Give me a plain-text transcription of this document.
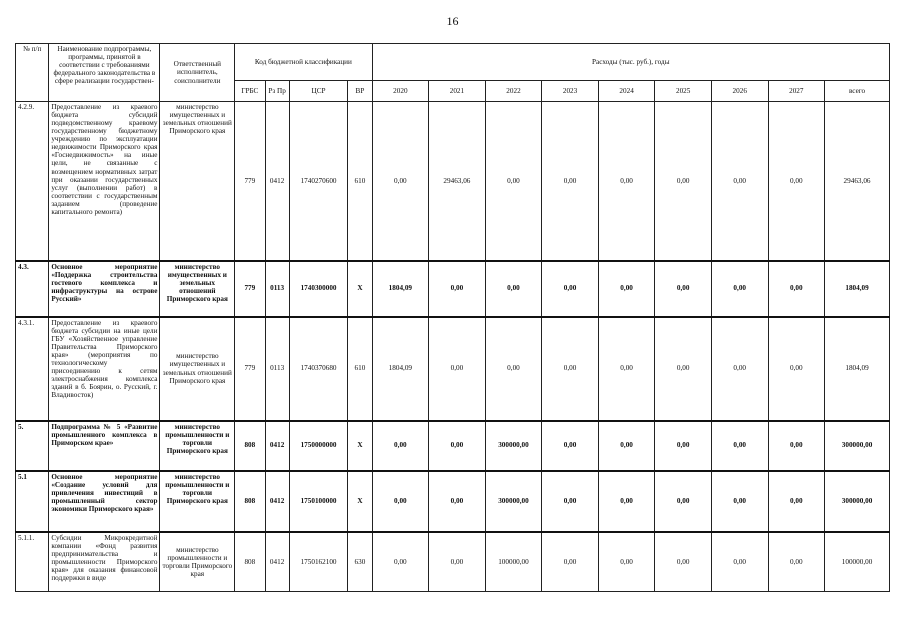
16
№ п/п	Наименование подпрограммы, программы, принятой в соответствии с требованиями федерального законодательства в сфере реализации государствен-	Ответственный исполнитель, соисполнители	Код бюджетной классификации				Расходы (тыс. руб.), годы								
			ГРБС	Рз Пр	ЦСР	ВР	2020	2021	2022	2023	2024	2025	2026	2027	всего
4.2.9.	Предоставление из краевого бюджета субсидий подведомственному краевому государственному бюджетному учреждению по эксплуатации недвижимости Приморского края «Госнедвижимость» на иные цели, не связанные с возмещением нормативных затрат при оказании государственных услуг (выполнении работ) в соответствии с государственным заданием (проведение капитального ремонта)	министерство имущественных и земельных отношений Приморского края	779	0412	1740270600	610	0,00	29463,06	0,00	0,00	0,00	0,00	0,00	0,00	29463,06
4.3.	Основное мероприятие «Поддержка строительства гостевого комплекса и инфраструктуры на острове Русский»	министерство имущественных и земельных отношений Приморского края	779	0113	1740300000	Х	1804,09	0,00	0,00	0,00	0,00	0,00	0,00	0,00	1804,09
4.3.1.	Предоставление из краевого бюджета субсидии на иные цели ГБУ «Хозяйственное управление Правительства Приморского края» (мероприятия по технологическому присоединению к сетям электроснабжения комплекса зданий в б. Боярин, о. Русский, г. Владивосток)	министерство имущественных и земельных отношений Приморского края	779	0113	1740370680	610	1804,09	0,00	0,00	0,00	0,00	0,00	0,00	0,00	1804,09
5.	Подпрограмма № 5 «Развитие промышленного комплекса в Приморском крае»	министерство промышленности и торговли Приморского края	808	0412	1750000000	Х	0,00	0,00	300000,00	0,00	0,00	0,00	0,00	0,00	300000,00
5.1	Основное мероприятие «Создание условий для привлечения инвестиций в промышленный сектор экономики Приморского края»	министерство промышленности и торговли Приморского края	808	0412	1750100000	Х	0,00	0,00	300000,00	0,00	0,00	0,00	0,00	0,00	300000,00
5.1.1.	Субсидии Микрокредитной компании «Фонд развития предпринимательства и промышленности Приморского края» для оказания финансовой поддержки в виде	министерство промышленности и торговли Приморского края	808	0412	1750162100	630	0,00	0,00	100000,00	0,00	0,00	0,00	0,00	0,00	100000,00
